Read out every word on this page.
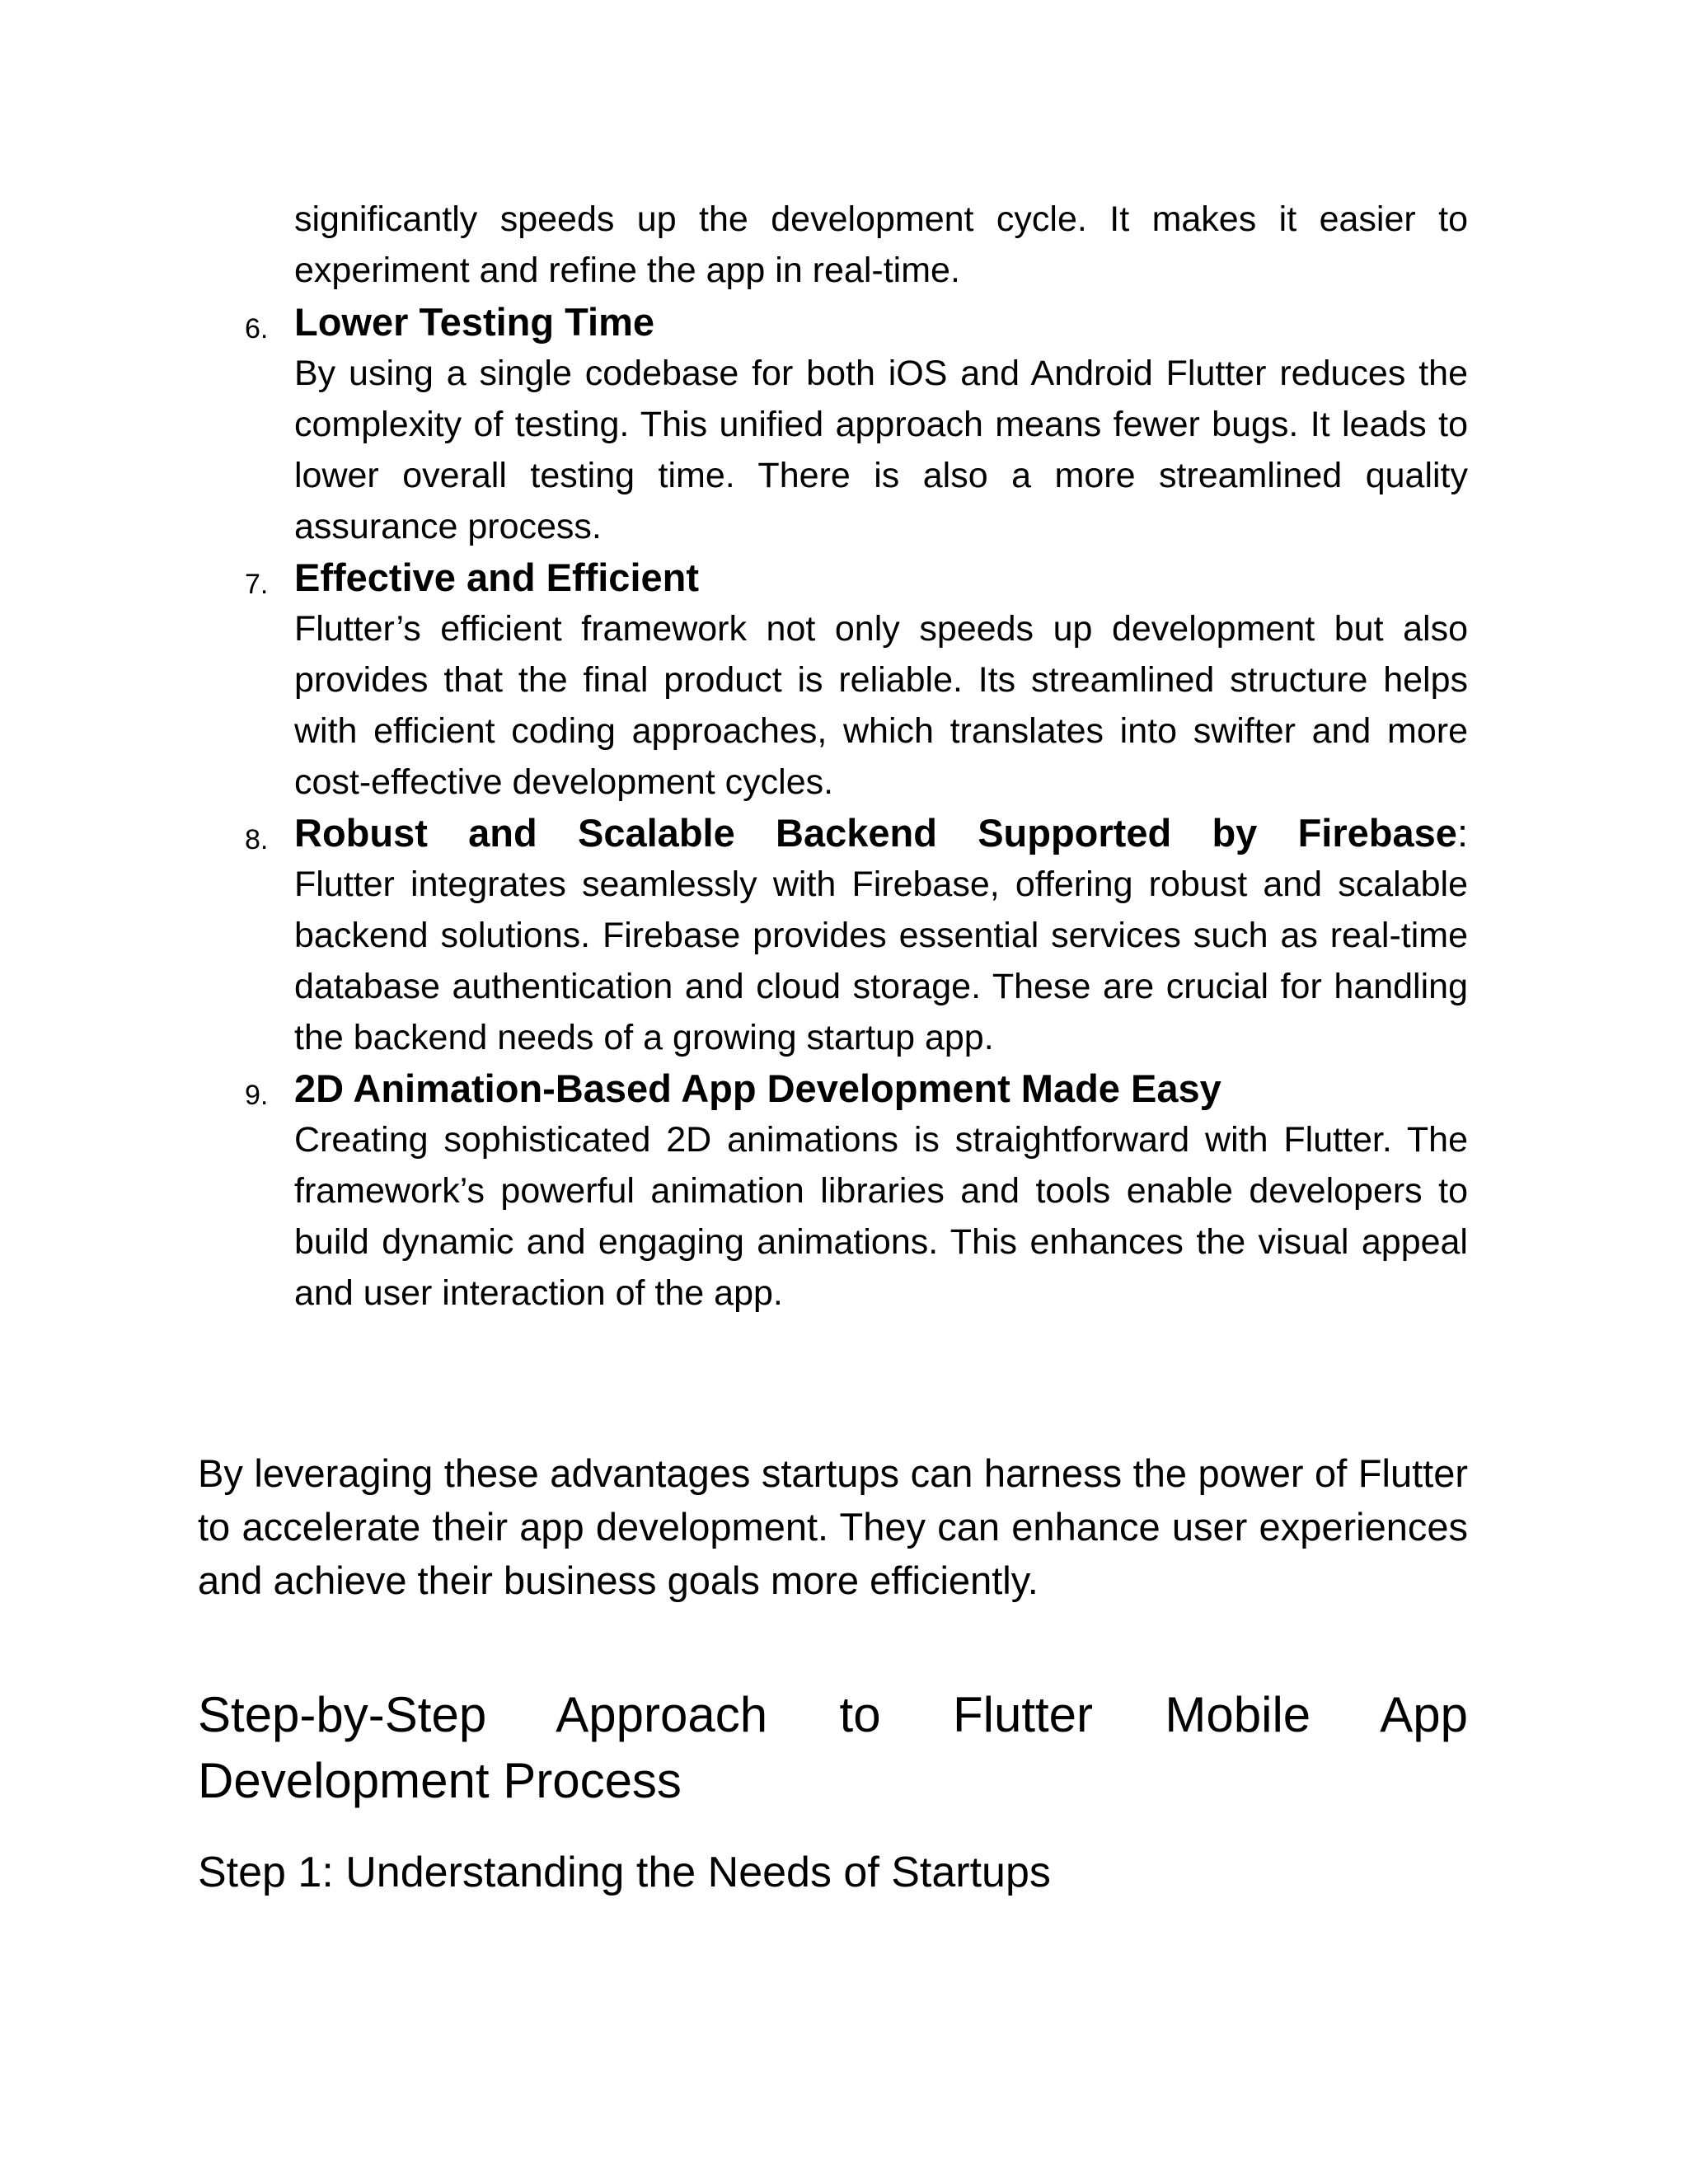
significantly speeds up the development cycle. It makes it easier to experiment and refine the app in real-time.
6. Lower Testing Time
By using a single codebase for both iOS and Android Flutter reduces the complexity of testing. This unified approach means fewer bugs. It leads to lower overall testing time. There is also a more streamlined quality assurance process.
7. Effective and Efficient
Flutter’s efficient framework not only speeds up development but also provides that the final product is reliable. Its streamlined structure helps with efficient coding approaches, which translates into swifter and more cost-effective development cycles.
8. Robust and Scalable Backend Supported by Firebase:
Flutter integrates seamlessly with Firebase, offering robust and scalable backend solutions. Firebase provides essential services such as real-time database authentication and cloud storage. These are crucial for handling the backend needs of a growing startup app.
9. 2D Animation-Based App Development Made Easy
Creating sophisticated 2D animations is straightforward with Flutter. The framework’s powerful animation libraries and tools enable developers to build dynamic and engaging animations. This enhances the visual appeal and user interaction of the app.
By leveraging these advantages startups can harness the power of Flutter to accelerate their app development. They can enhance user experiences and achieve their business goals more efficiently.
Step-by-Step Approach to Flutter Mobile App Development Process
Step 1: Understanding the Needs of Startups
